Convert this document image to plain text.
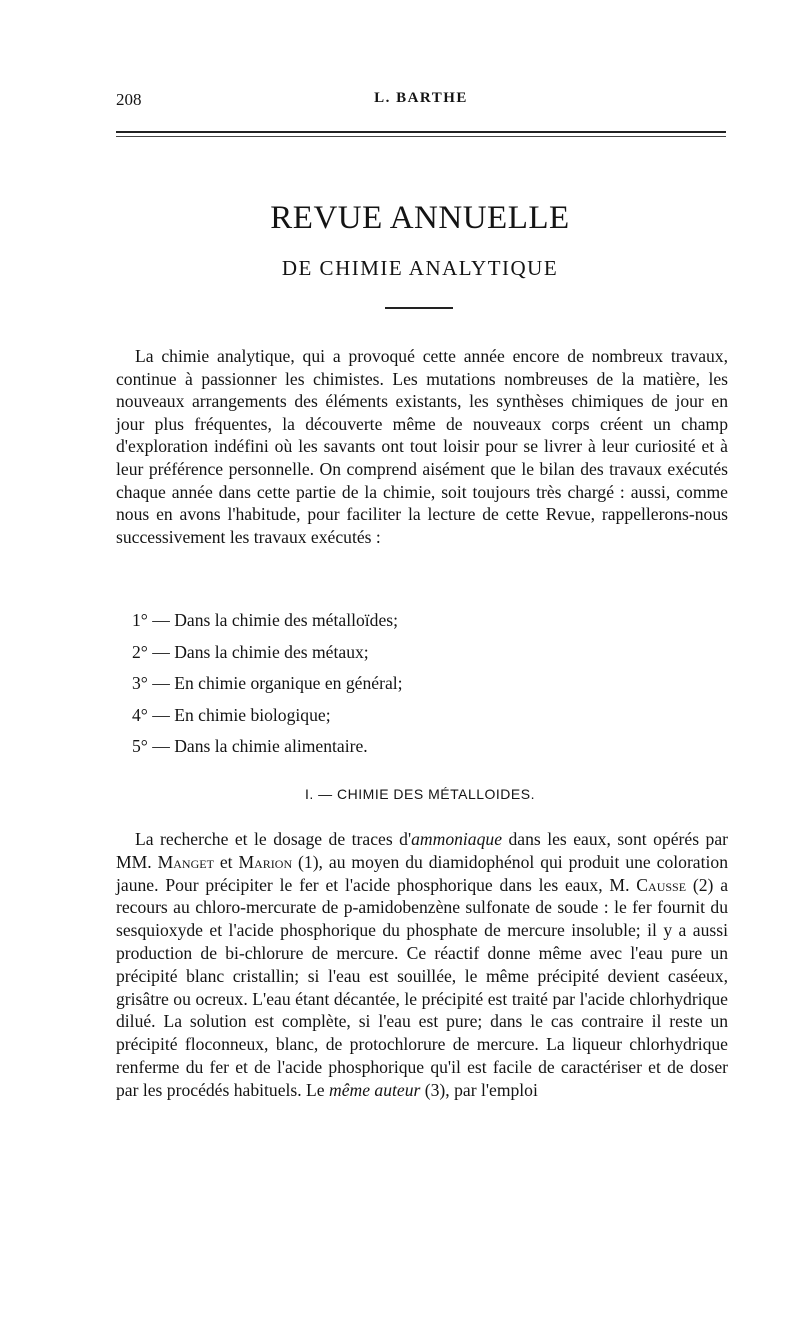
208	L. BARTHE
REVUE ANNUELLE
DE CHIMIE ANALYTIQUE

La chimie analytique, qui a provoqué cette année encore de nombreux travaux, continue à passionner les chimistes. Les mutations nombreuses de la matière, les nouveaux arrangements des éléments existants, les synthèses chimiques de jour en jour plus fréquentes, la découverte même de nouveaux corps créent un champ d'exploration indéfini où les savants ont tout loisir pour se livrer à leur curiosité et à leur préférence personnelle. On comprend aisément que le bilan des travaux exécutés chaque année dans cette partie de la chimie, soit toujours très chargé : aussi, comme nous en avons l'habitude, pour faciliter la lecture de cette Revue, rappellerons-nous successivement les travaux exécutés :

1° — Dans la chimie des métalloïdes;
2° — Dans la chimie des métaux;
3° — En chimie organique en général;
4° — En chimie biologique;
5° — Dans la chimie alimentaire.
I. — CHIMIE DES MÉTALLOIDES.

La recherche et le dosage de traces d'ammoniaque dans les eaux, sont opérés par MM. Manget et Marion (1), au moyen du diamidophénol qui produit une coloration jaune. Pour précipiter le fer et l'acide phosphorique dans les eaux, M. Causse (2) a recours au chloro-mercurate de p-amidobenzène sulfonate de soude : le fer fournit du sesquioxyde et l'acide phosphorique du phosphate de mercure insoluble; il y a aussi production de bi-chlorure de mercure. Ce réactif donne même avec l'eau pure un précipité blanc cristallin; si l'eau est souillée, le même précipité devient caséeux, grisâtre ou ocreux. L'eau étant décantée, le précipité est traité par l'acide chlorhydrique dilué. La solution est complète, si l'eau est pure; dans le cas contraire il reste un précipité floconneux, blanc, de protochlorure de mercure. La liqueur chlorhydrique renferme du fer et de l'acide phosphorique qu'il est facile de caractériser et de doser par les procédés habituels. Le même auteur (3), par l'emploi
